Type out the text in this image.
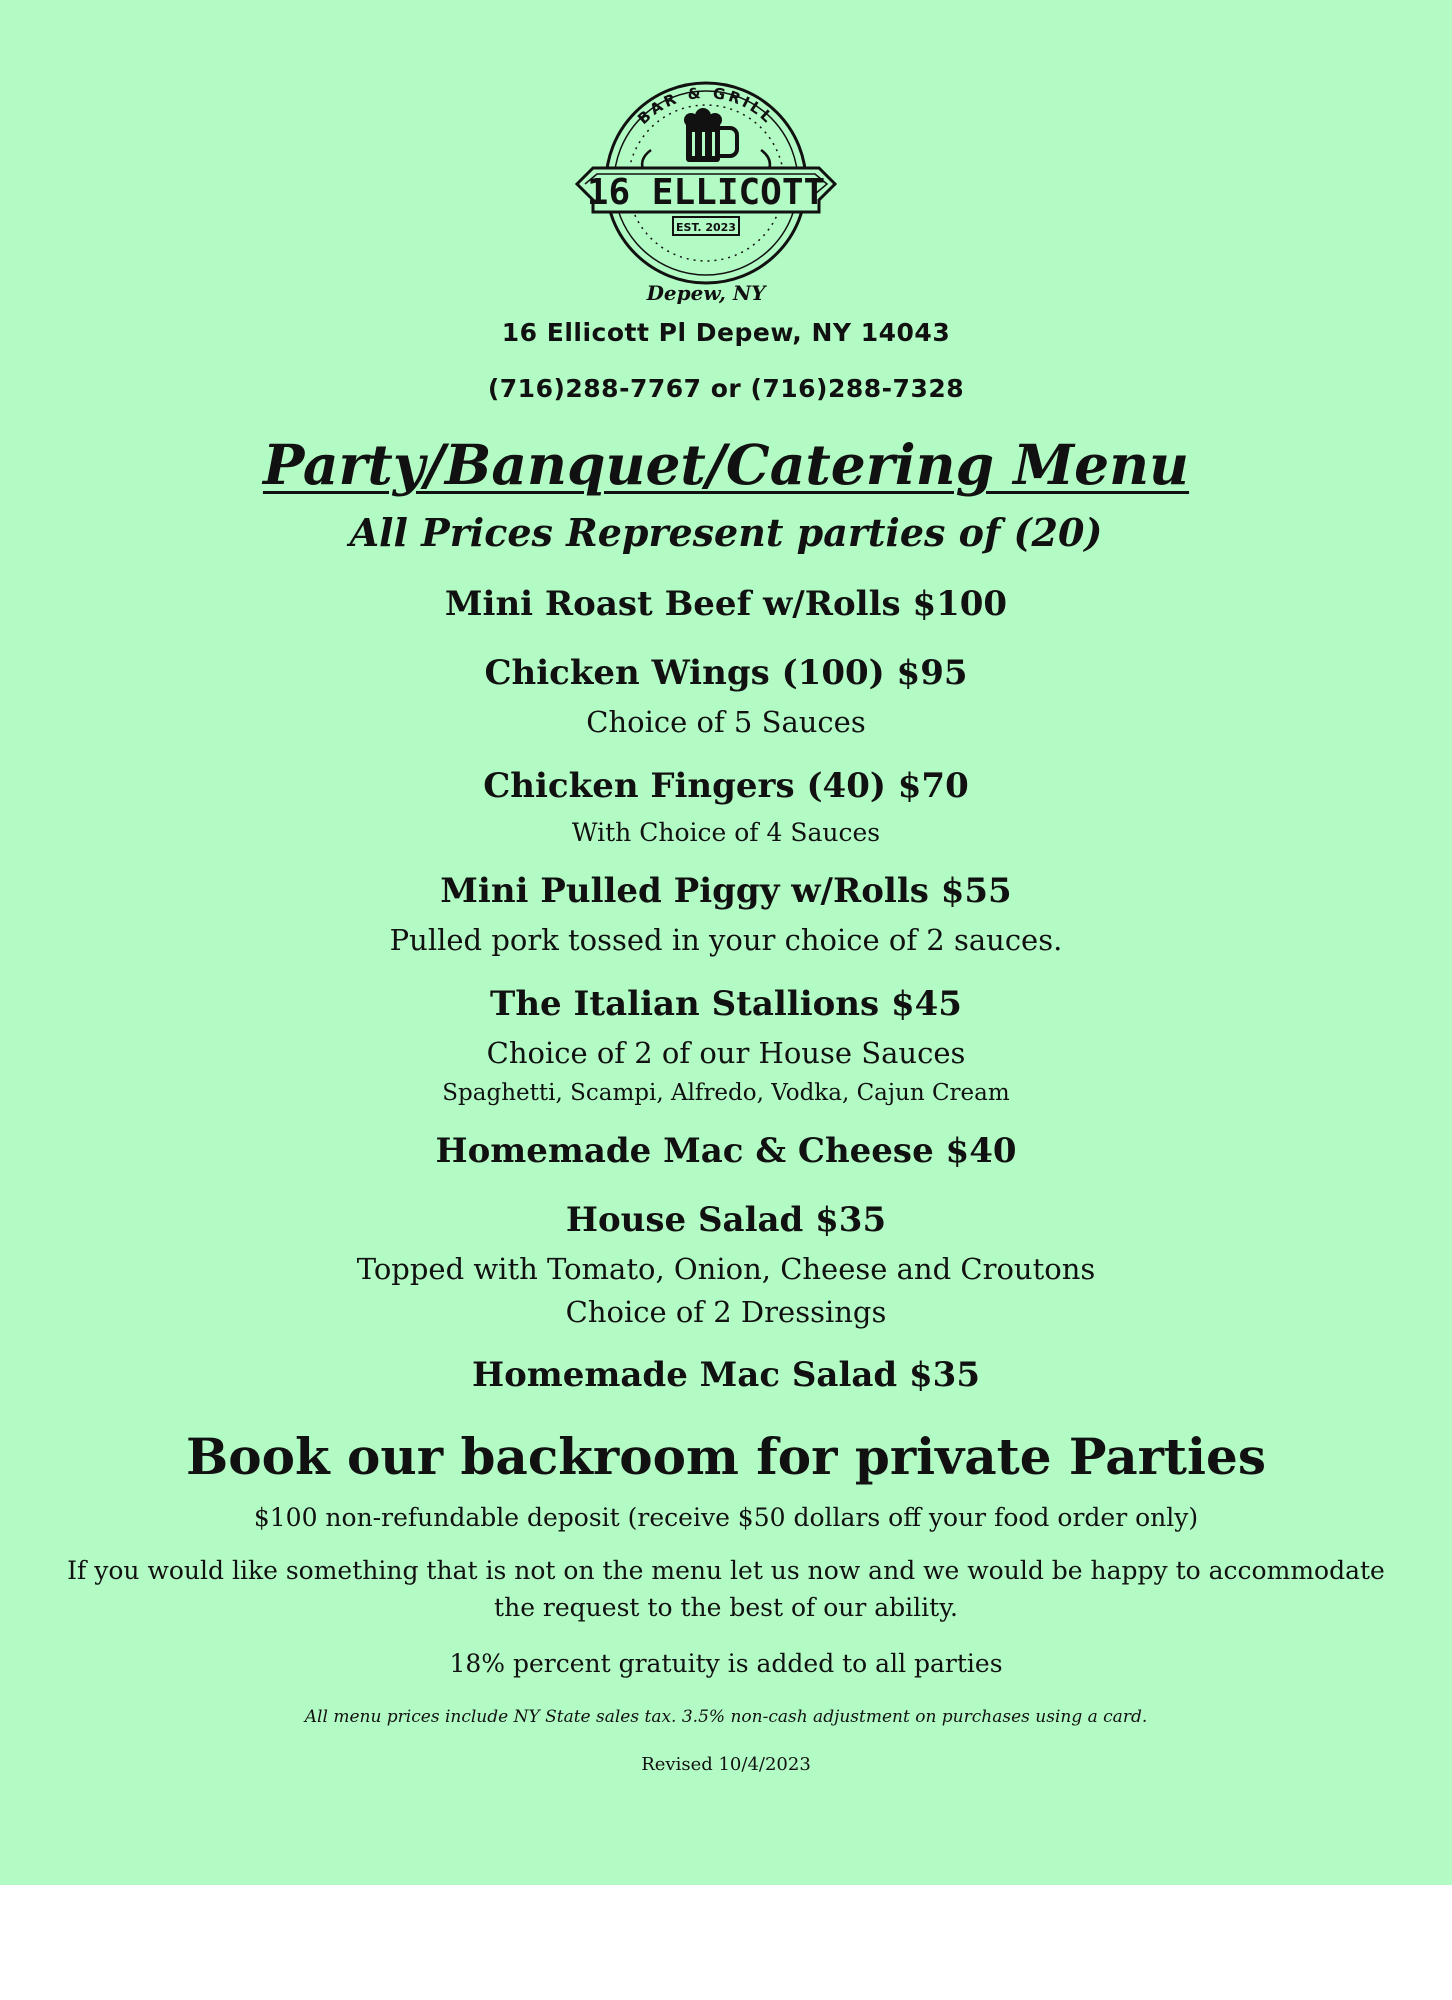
BAR & GRILL
16 ELLICOTT
EST. 2023
Depew, NY
16 Ellicott Pl Depew, NY 14043
(716)288-7767 or (716)288-7328
Party/Banquet/Catering Menu
All Prices Represent parties of (20)
Mini Roast Beef w/Rolls $100
Chicken Wings (100) $95
Choice of 5 Sauces
Chicken Fingers (40) $70
With Choice of 4 Sauces
Mini Pulled Piggy w/Rolls $55
Pulled pork tossed in your choice of 2 sauces.
The Italian Stallions $45
Choice of 2 of our House Sauces
Spaghetti, Scampi, Alfredo, Vodka, Cajun Cream
Homemade Mac & Cheese $40
House Salad $35
Topped with Tomato, Onion, Cheese and Croutons
Choice of 2 Dressings
Homemade Mac Salad $35
Book our backroom for private Parties
$100 non-refundable deposit (receive $50 dollars off your food order only)
If you would like something that is not on the menu let us now and we would be happy to accommodate
the request to the best of our ability.
18% percent gratuity is added to all parties
All menu prices include NY State sales tax. 3.5% non-cash adjustment on purchases using a card.
Revised 10/4/2023
